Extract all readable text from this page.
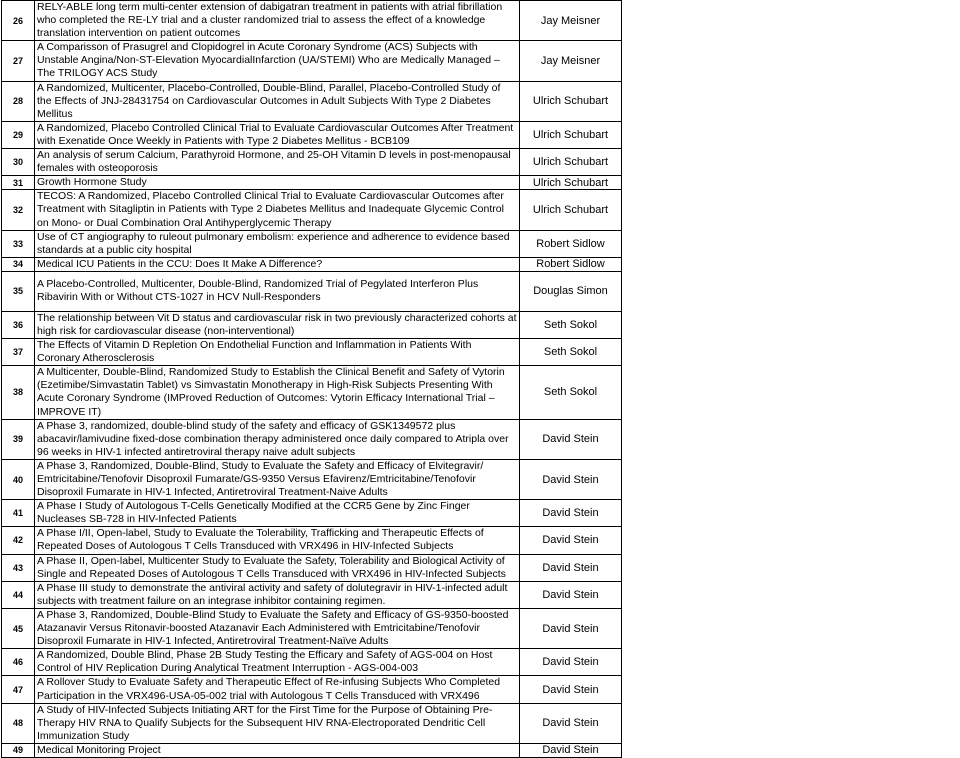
26	RELY-ABLE long term multi-center extension of dabigatran treatment in patients with atrial fibrillation who completed the RE-LY trial and a cluster randomized trial to assess the effect of a knowledge translation intervention on patient outcomes	Jay Meisner
27	A Comparisson of Prasugrel and Clopidogrel in Acute Coronary Syndrome (ACS) Subjects with Unstable Angina/Non-ST-Elevation MyocardialInfarction (UA/STEMI) Who are Medically Managed – The TRILOGY ACS Study	Jay Meisner
28	A Randomized, Multicenter, Placebo-Controlled, Double-Blind, Parallel, Placebo-Controlled Study of the Effects of JNJ-28431754 on Cardiovascular Outcomes in Adult Subjects With Type 2 Diabetes Mellitus	Ulrich Schubart
29	A Randomized, Placebo Controlled Clinical Trial to Evaluate Cardiovascular Outcomes After Treatment with Exenatide Once Weekly in Patients with Type 2 Diabetes Mellitus - BCB109	Ulrich Schubart
30	An analysis of serum Calcium, Parathyroid Hormone, and 25-OH Vitamin D levels in post-menopausal females with osteoporosis	Ulrich Schubart
31	Growth Hormone Study	Ulrich Schubart
32	TECOS: A Randomized, Placebo Controlled Clinical Trial to Evaluate Cardiovascular Outcomes after Treatment with Sitagliptin in Patients with Type 2 Diabetes Mellitus and Inadequate Glycemic Control on Mono- or Dual Combination Oral Antihyperglycemic Therapy	Ulrich Schubart
33	Use of CT angiography to ruleout pulmonary embolism: experience and adherence to evidence based standards at a public city hospital	Robert Sidlow
34	Medical ICU Patients in the CCU: Does It Make A Difference?	Robert Sidlow
35	A Placebo-Controlled, Multicenter, Double-Blind, Randomized Trial of Pegylated Interferon Plus Ribavirin With or Without CTS-1027 in HCV Null-Responders	Douglas Simon
36	The relationship between Vit D status and cardiovascular risk in two previously characterized cohorts at high risk for cardiovascular disease (non-interventional)	Seth Sokol
37	The Effects of Vitamin D Repletion On Endothelial Function and Inflammation in Patients With Coronary Atherosclerosis	Seth Sokol
38	A Multicenter, Double-Blind, Randomized Study to Establish the Clinical Benefit and Safety of Vytorin (Ezetimibe/Simvastatin Tablet) vs Simvastatin Monotherapy in High-Risk Subjects Presenting With Acute Coronary Syndrome (IMProved Reduction of Outcomes: Vytorin Efficacy International Trial – IMPROVE IT)	Seth Sokol
39	A Phase 3, randomized, double-blind study of the safety and efficacy of GSK1349572 plus abacavir/lamivudine fixed-dose combination therapy administered once daily compared to Atripla over 96 weeks in HIV-1 infected antiretroviral therapy naive adult subjects	David Stein
40	A Phase 3, Randomized, Double-Blind, Study to Evaluate the Safety and Efficacy of Elvitegravir/ Emtricitabine/Tenofovir Disoproxil Fumarate/GS-9350 Versus Efavirenz/Emtricitabine/Tenofovir Disoproxil Fumarate in HIV-1 Infected, Antiretroviral Treatment-Naive Adults	David Stein
41	A Phase I Study of Autologous T-Cells Genetically Modified at the CCR5 Gene by Zinc Finger Nucleases SB-728 in HIV-Infected Patients	David Stein
42	A Phase I/II, Open-label, Study to Evaluate the Tolerability, Trafficking and Therapeutic Effects of Repeated Doses of Autologous T Cells Transduced with VRX496 in HIV-Infected Subjects	David Stein
43	A Phase II, Open-label, Multicenter Study to Evaluate the Safety, Tolerability and Biological Activity of Single and Repeated Doses of Autologous T Cells Transduced with VRX496 in HIV-Infected Subjects	David Stein
44	A Phase III study to demonstrate the antiviral activity and safety of dolutegravir in HIV-1-infected adult subjects with treatment failure on an integrase inhibitor containing regimen.	David Stein
45	A Phase 3, Randomized, Double-Blind Study to Evaluate the Safety and Efficacy of GS-9350-boosted Atazanavir Versus Ritonavir-boosted Atazanavir Each Administered with Emtricitabine/Tenofovir Disoproxil Fumarate in HIV-1 Infected, Antiretroviral Treatment-Naïve Adults	David Stein
46	A Randomized, Double Blind, Phase 2B Study Testing the Efficary and Safety of AGS-004 on Host Control of HIV Replication During Analytical Treatment Interruption - AGS-004-003	David Stein
47	A Rollover Study to Evaluate Safety and Therapeutic Effect of Re-infusing Subjects Who Completed Participation in the VRX496-USA-05-002 trial with Autologous T Cells Transduced with VRX496	David Stein
48	A Study of HIV-Infected Subjects Initiating ART for the First Time for the Purpose of Obtaining Pre-Therapy HIV RNA to Qualify Subjects for the Subsequent HIV RNA-Electroporated Dendritic Cell Immunization Study	David Stein
49	Medical Monitoring Project	David Stein
